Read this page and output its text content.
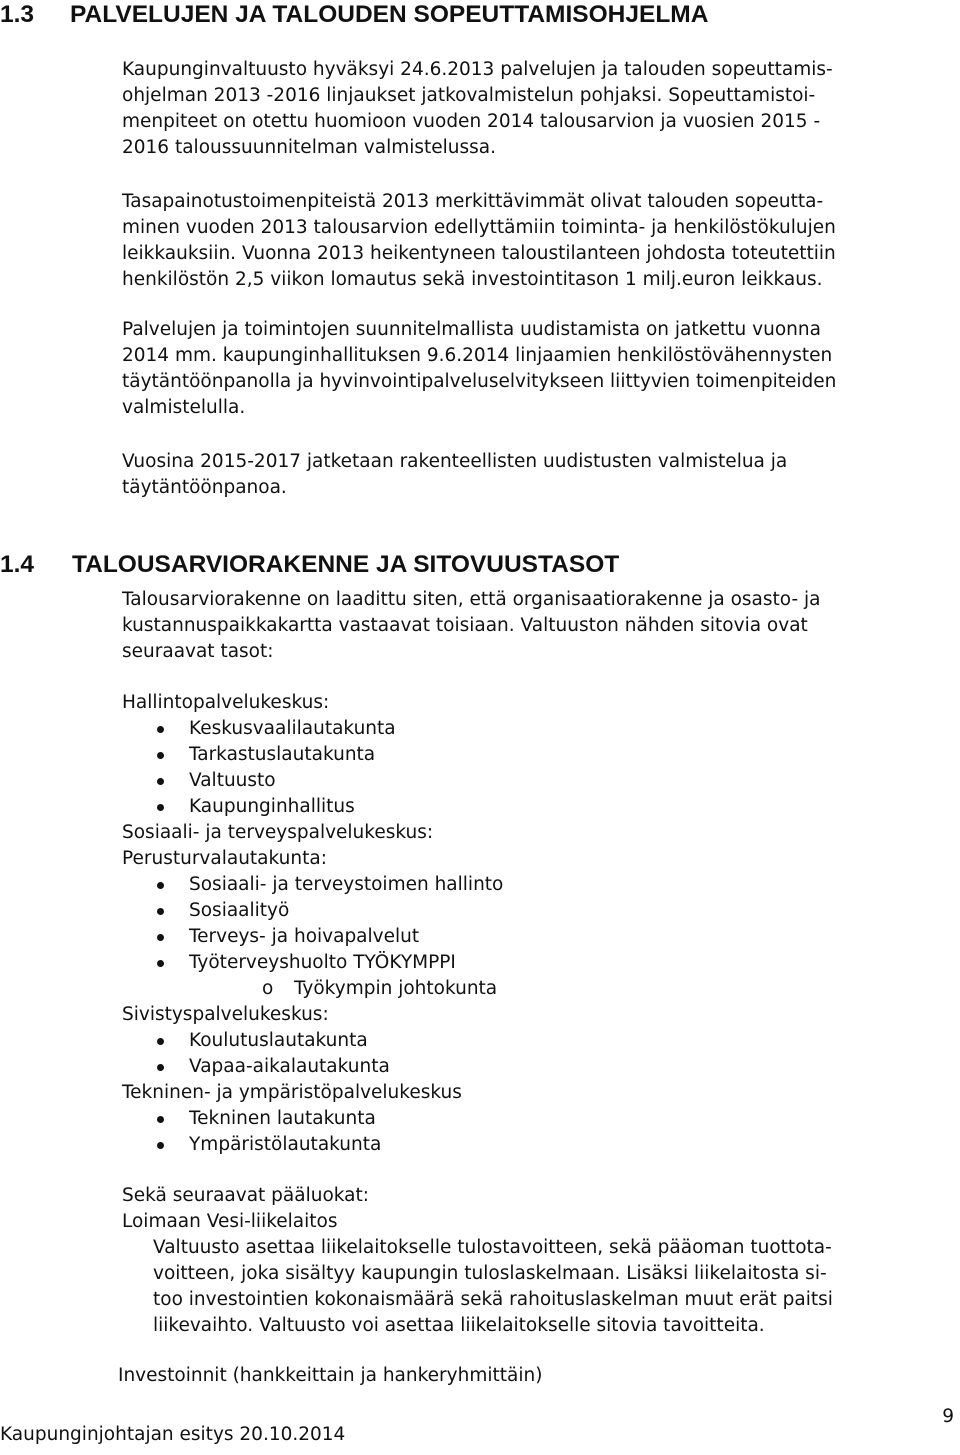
1.3 PALVELUJEN JA TALOUDEN SOPEUTTAMISOHJELMA

Kaupunginvaltuusto hyväksyi 24.6.2013 palvelujen ja talouden sopeuttamis-
ohjelman 2013 -2016 linjaukset jatkovalmistelun pohjaksi. Sopeuttamistoi-
menpiteet on otettu huomioon vuoden 2014 talousarvion ja vuosien 2015 -
2016 taloussuunnitelman valmistelussa.

Tasapainotustoimenpiteistä 2013 merkittävimmät olivat talouden sopeutta-
minen vuoden 2013 talousarvion edellyttämiin toiminta- ja henkilöstökulujen
leikkauksiin. Vuonna 2013 heikentyneen taloustilanteen johdosta toteutettiin
henkilöstön 2,5 viikon lomautus sekä investointitason 1 milj.euron leikkaus.

Palvelujen ja toimintojen suunnitelmallista uudistamista on jatkettu vuonna
2014 mm. kaupunginhallituksen 9.6.2014 linjaamien henkilöstövähennysten
täytäntöönpanolla ja hyvinvointipalveluselvitykseen liittyvien toimenpiteiden
valmistelulla.

Vuosina 2015-2017 jatketaan rakenteellisten uudistusten valmistelua ja
täytäntöönpanoa.

1.4 TALOUSARVIORAKENNE JA SITOVUUSTASOT

Talousarviorakenne on laadittu siten, että organisaatiorakenne ja osasto- ja
kustannuspaikkakartta vastaavat toisiaan. Valtuuston nähden sitovia ovat
seuraavat tasot:

Hallintopalvelukeskus:
Keskusvaalilautakunta
Tarkastuslautakunta
Valtuusto
Kaupunginhallitus
Sosiaali- ja terveyspalvelukeskus:
Perusturvalautakunta:
Sosiaali- ja terveystoimen hallinto
Sosiaalityö
Terveys- ja hoivapalvelut
Työterveyshuolto TYÖKYMPPI
o Työkympin johtokunta
Sivistyspalvelukeskus:
Koulutuslautakunta
Vapaa-aikalautakunta
Tekninen- ja ympäristöpalvelukeskus
Tekninen lautakunta
Ympäristölautakunta

Sekä seuraavat pääluokat:
Loimaan Vesi-liikelaitos

Valtuusto asettaa liikelaitokselle tulostavoitteen, sekä pääoman tuottota-
voitteen, joka sisältyy kaupungin tuloslaskelmaan. Lisäksi liikelaitosta si-
too investointien kokonaismäärä sekä rahoituslaskelman muut erät paitsi
liikevaihto. Valtuusto voi asettaa liikelaitokselle sitovia tavoitteita.

Investoinnit (hankkeittain ja hankeryhmittäin)

Kaupunginjohtajan esitys 20.10.2014
9
